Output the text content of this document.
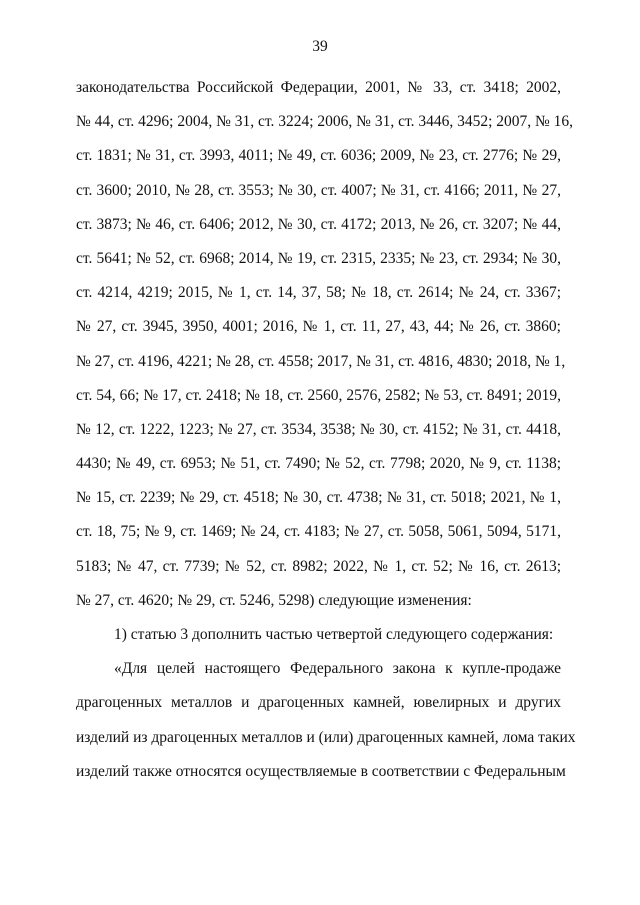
39
законодательства Российской Федерации, 2001, № 33, ст. 3418; 2002,
№ 44, ст. 4296; 2004, № 31, ст. 3224; 2006, № 31, ст. 3446, 3452; 2007, № 16,
ст. 1831; № 31, ст. 3993, 4011; № 49, ст. 6036; 2009, № 23, ст. 2776; № 29,
ст. 3600; 2010, № 28, ст. 3553; № 30, ст. 4007; № 31, ст. 4166; 2011, № 27,
ст. 3873; № 46, ст. 6406; 2012, № 30, ст. 4172; 2013, № 26, ст. 3207; № 44,
ст. 5641; № 52, ст. 6968; 2014, № 19, ст. 2315, 2335; № 23, ст. 2934; № 30,
ст. 4214, 4219; 2015, № 1, ст. 14, 37, 58; № 18, ст. 2614; № 24, ст. 3367;
№ 27, ст. 3945, 3950, 4001; 2016, № 1, ст. 11, 27, 43, 44; № 26, ст. 3860;
№ 27, ст. 4196, 4221; № 28, ст. 4558; 2017, № 31, ст. 4816, 4830; 2018, № 1,
ст. 54, 66; № 17, ст. 2418; № 18, ст. 2560, 2576, 2582; № 53, ст. 8491; 2019,
№ 12, ст. 1222, 1223; № 27, ст. 3534, 3538; № 30, ст. 4152; № 31, ст. 4418,
4430; № 49, ст. 6953; № 51, ст. 7490; № 52, ст. 7798; 2020, № 9, ст. 1138;
№ 15, ст. 2239; № 29, ст. 4518; № 30, ст. 4738; № 31, ст. 5018; 2021, № 1,
ст. 18, 75; № 9, ст. 1469; № 24, ст. 4183; № 27, ст. 5058, 5061, 5094, 5171,
5183; № 47, ст. 7739; № 52, ст. 8982; 2022, № 1, ст. 52; № 16, ст. 2613;
№ 27, ст. 4620; № 29, ст. 5246, 5298) следующие изменения:
1) статью 3 дополнить частью четвертой следующего содержания:
«Для целей настоящего Федерального закона к купле-продаже
драгоценных металлов и драгоценных камней, ювелирных и других
изделий из драгоценных металлов и (или) драгоценных камней, лома таких
изделий также относятся осуществляемые в соответствии с Федеральным
